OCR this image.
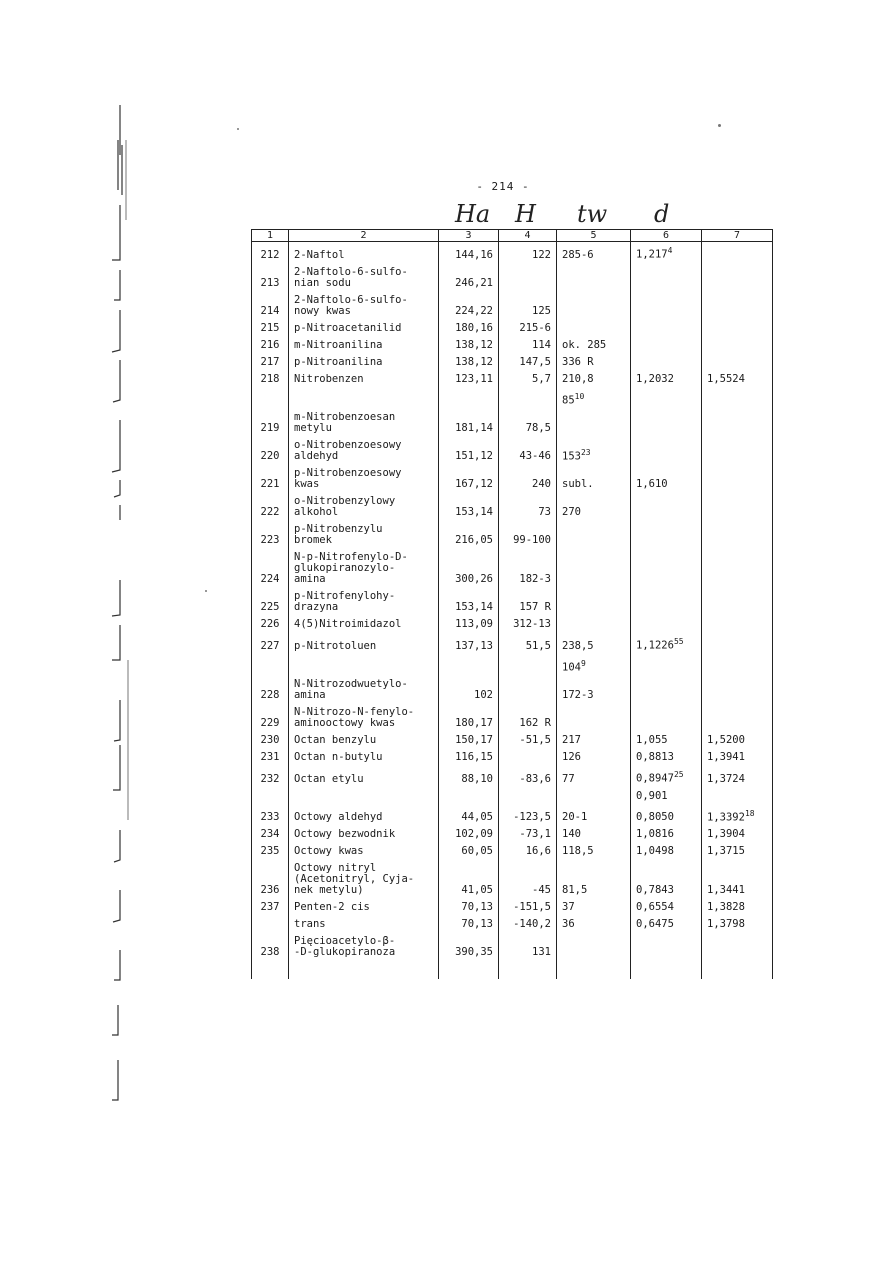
- 214 -
Ha H tw d
1	2	3	4	5	6	7
212	2-Naftol	144,16	122	285-6	1,217$^4$	
213	2-Naftolo-6-sulfo-
nian sodu	246,21				
214	2-Naftolo-6-sulfo-
nowy kwas	224,22	125			
215	p-Nitroacetanilid	180,16	215-6			
216	m-Nitroanilina	138,12	114	ok. 285		
217	p-Nitroanilina	138,12	147,5	336 R		
218	Nitrobenzen	123,11	5,7	210,8	1,2032	1,5524
				$85^{10}$		
219	m-Nitrobenzoesan
metylu	181,14	78,5			
220	o-Nitrobenzoesowy
aldehyd	151,12	43-46	$153^{23}$		
221	p-Nitrobenzoesowy
kwas	167,12	240	subl.	1,610	
222	o-Nitrobenzylowy
alkohol	153,14	73	270		
223	p-Nitrobenzylu
bromek	216,05	99-100			
224	N-p-Nitrofenylo-D-
glukopiranozylo-
amina	300,26	182-3			
225	p-Nitrofenylohy-
drazyna	153,14	157 R			
226	4(5)Nitroimidazol	113,09	312-13			
227	p-Nitrotoluen	137,13	51,5	238,5	1,1226$^{55}$	
				$104^9$		
228	N-Nitrozodwuetylo-
amina	102		172-3		
229	N-Nitrozo-N-fenylo-
aminooctowy kwas	180,17	162 R			
230	Octan benzylu	150,17	-51,5	217	1,055	1,5200
231	Octan n-butylu	116,15		126	0,8813	1,3941
232	Octan etylu	88,10	-83,6	77	0,8947$^{25}$	1,3724
					0,901	
233	Octowy aldehyd	44,05	-123,5	20-1	0,8050	1,3392$^{18}$
234	Octowy bezwodnik	102,09	-73,1	140	1,0816	1,3904
235	Octowy kwas	60,05	16,6	118,5	1,0498	1,3715
236	Octowy nitryl
(Acetonitryl, Cyja-
nek metylu)	41,05	-45	81,5	0,7843	1,3441
237	Penten-2 cis	70,13	-151,5	37	0,6554	1,3828
	trans	70,13	-140,2	36	0,6475	1,3798
238	Pięcioacetylo-β-
-D-glukopiranoza	390,35	131			
